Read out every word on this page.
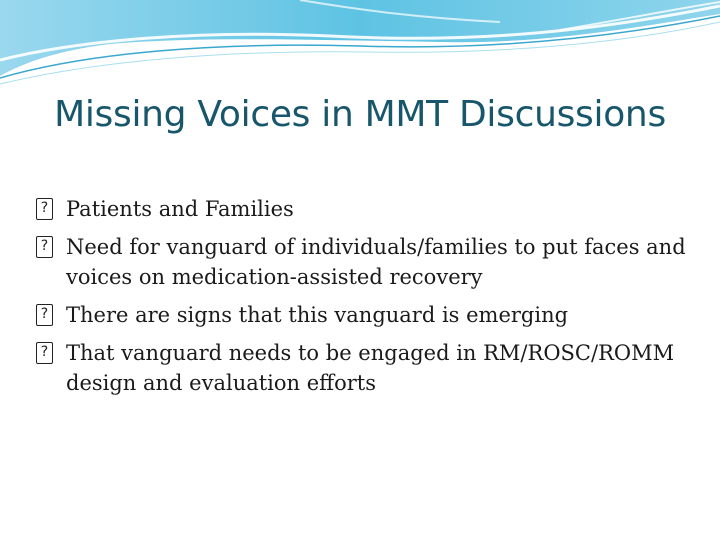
Missing Voices in MMT Discussions
? Patients and Families
? Need for vanguard of individuals/families to put faces and voices on medication-assisted recovery
? There are signs that this vanguard is emerging
? That vanguard needs to be engaged in RM/ROSC/ROMM design and evaluation efforts
